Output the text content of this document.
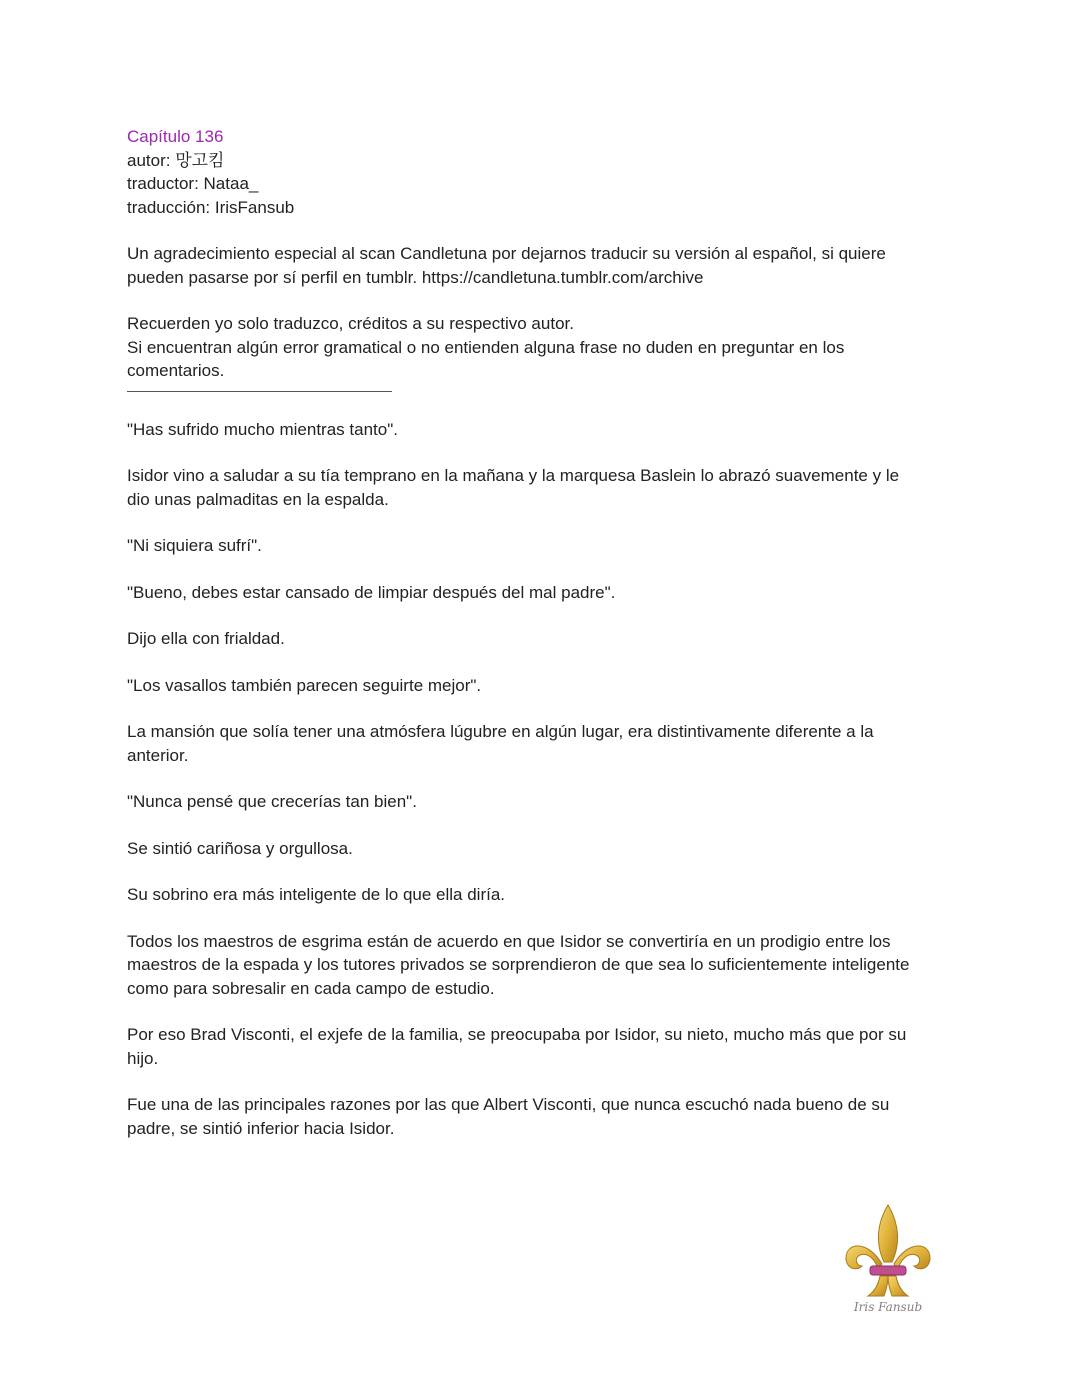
Capítulo 136
autor: 망고킴
traductor: Nataa_
traducción: IrisFansub
Un agradecimiento especial al scan Candletuna por dejarnos traducir su versión al español, si quiere
pueden pasarse por sí perfil en tumblr. https://candletuna.tumblr.com/archive
Recuerden yo solo traduzco, créditos a su respectivo autor.
Si encuentran algún error gramatical o no entienden alguna frase no duden en preguntar en los
comentarios.
"Has sufrido mucho mientras tanto".
Isidor vino a saludar a su tía temprano en la mañana y la marquesa Baslein lo abrazó suavemente y le
dio unas palmaditas en la espalda.
"Ni siquiera sufrí".
"Bueno, debes estar cansado de limpiar después del mal padre".
Dijo ella con frialdad.
"Los vasallos también parecen seguirte mejor".
La mansión que solía tener una atmósfera lúgubre en algún lugar, era distintivamente diferente a la
anterior.
"Nunca pensé que crecerías tan bien".
Se sintió cariñosa y orgullosa.
Su sobrino era más inteligente de lo que ella diría.
Todos los maestros de esgrima están de acuerdo en que Isidor se convertiría en un prodigio entre los
maestros de la espada y los tutores privados se sorprendieron de que sea lo suficientemente inteligente
como para sobresalir en cada campo de estudio.
Por eso Brad Visconti, el exjefe de la familia, se preocupaba por Isidor, su nieto, mucho más que por su
hijo.
Fue una de las principales razones por las que Albert Visconti, que nunca escuchó nada bueno de su
padre, se sintió inferior hacia Isidor.
Iris Fansub
